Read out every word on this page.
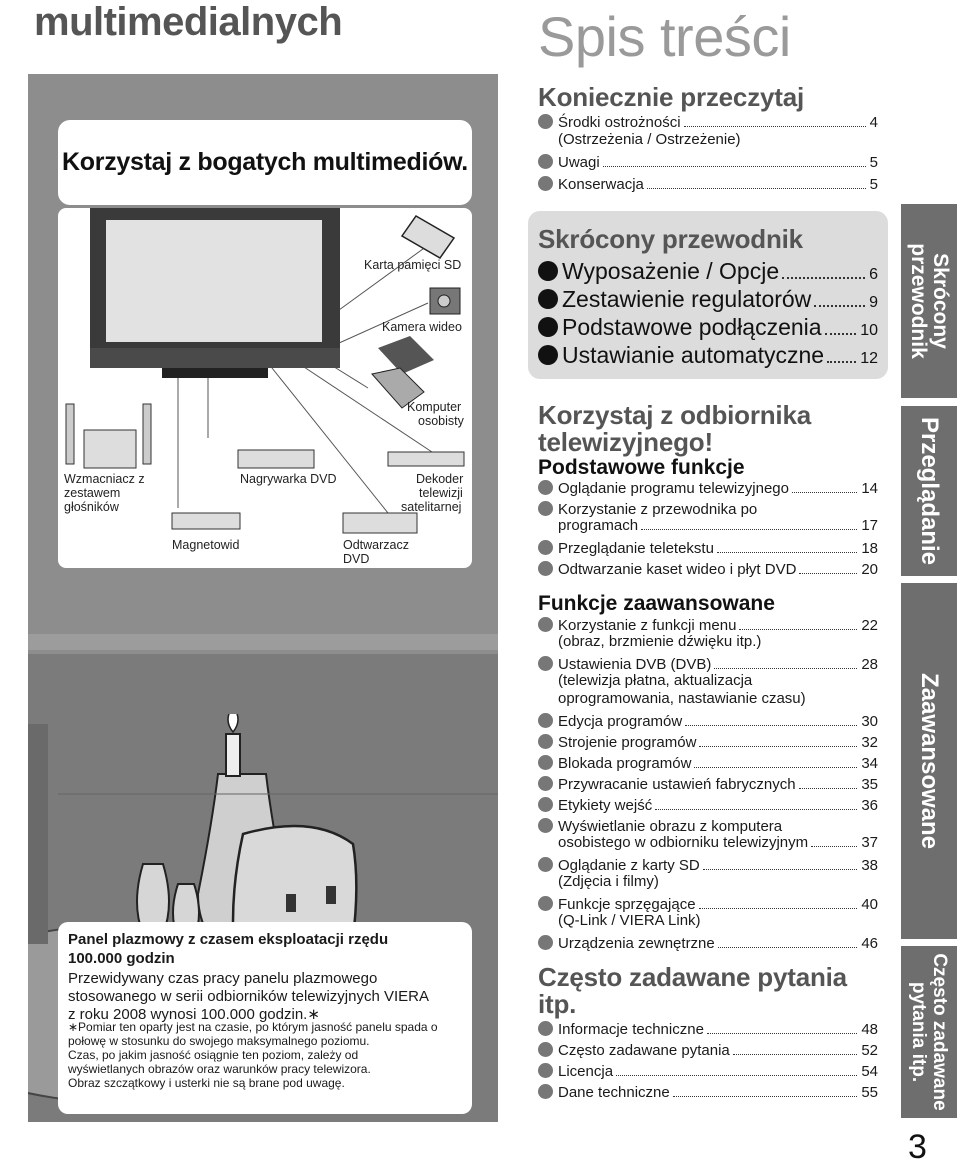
multimedialnych
Korzystaj z bogatych multimediów.
Karta pamięci SD
Kamera wideo
Komputer
osobisty
Wzmacniacz z
zestawem
głośników
Nagrywarka DVD	Dekoder
telewizji
satelitarnej
Magnetowid	Odtwarzacz
DVD
Panel plazmowy z czasem eksploatacji rzędu
100.000 godzin
Przewidywany czas pracy panelu plazmowego
stosowanego w serii odbiorników telewizyjnych VIERA
z roku 2008 wynosi 100.000 godzin.∗
∗Pomiar ten oparty jest na czasie, po którym jasność panelu spada o
połowę w stosunku do swojego maksymalnego poziomu.
Czas, po jakim jasność osiągnie ten poziom, zależy od
wyświetlanych obrazów oraz warunków pracy telewizora.
Obraz szczątkowy i usterki nie są brane pod uwagę.
Spis treści
Koniecznie przeczytaj
Środki ostrożności	4
(Ostrzeżenia / Ostrzeżenie)
Uwagi	5
Konserwacja	5
Skrócony przewodnik
Wyposażenie / Opcje	6
Zestawienie regulatorów	9
Podstawowe podłączenia 10
Ustawianie automatyczne 12
Korzystaj z odbiornika
telewizyjnego!
Podstawowe funkcje
Oglądanie programu telewizyjnego	14
Korzystanie z przewodnika po
programach	17
Przeglądanie teletekstu	18
Odtwarzanie kaset wideo i płyt DVD	20
Funkcje zaawansowane
Korzystanie z funkcji menu	22
(obraz, brzmienie dźwięku itp.)
Ustawienia DVB (DVB)	28
(telewizja płatna, aktualizacja
oprogramowania, nastawianie czasu)
Edycja programów	30
Strojenie programów	32
Blokada programów	34
Przywracanie ustawień fabrycznych	35
Etykiety wejść	36
Wyświetlanie obrazu z komputera
osobistego w odbiorniku telewizyjnym	37
Oglądanie z karty SD	38
(Zdjęcia i filmy)
Funkcje sprzęgające	40
(Q-Link / VIERA Link)
Urządzenia zewnętrzne	46
Często zadawane pytania
itp.
Informacje techniczne	48
Często zadawane pytania	52
Licencja	54
Dane techniczne	55
Skrócony
przewodnik
Przeglądanie
Zaawansowane
Często zadawane
pytania itp.
3
